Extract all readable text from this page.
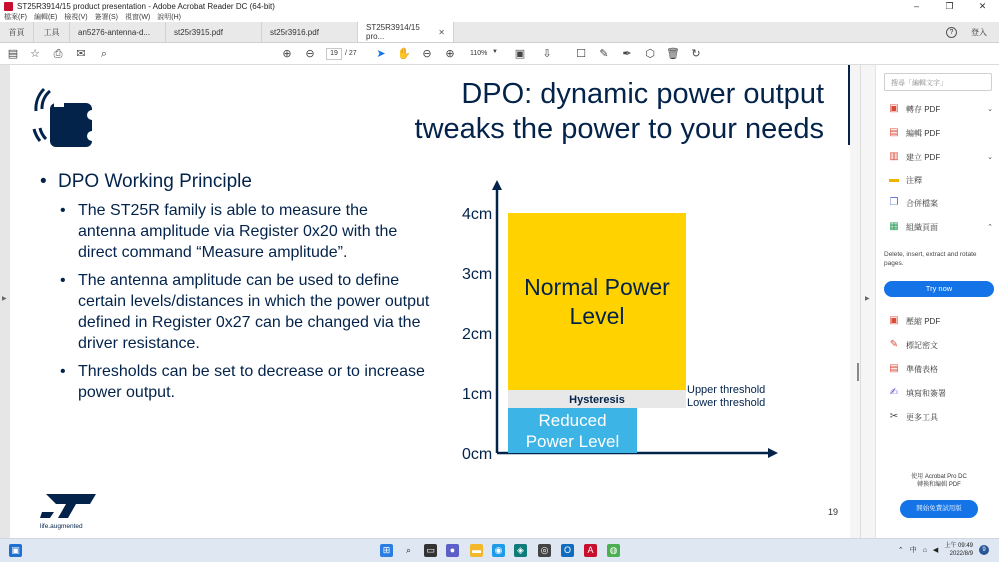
ST25R3914/15 product presentation - Adobe Acrobat Reader DC (64-bit)	–	❐	✕
檔案(F) 編輯(E) 檢視(V) 簽署(S) 視窗(W) 說明(H)
首頁	工具	an5276-antenna-d...	st25r3915.pdf	st25r3916.pdf	ST25R3914/15 pro...	✕	?	登入
▤ ☆ ⎙ ✉	⌕	⊕ ⊖	19	/ 27 ➤ ✋ ⊖ ⊕	110% ▼ ▣ ⇩ ☐ ✎ ✒ ⬡ 🗑 ↻
▶
DPO: dynamic power output
tweaks the power to your needs
• DPO Working Principle
• The ST25R family is able to measure the antenna amplitude via Register 0x20 with the direct command “Measure amplitude”.
• The antenna amplitude can be used to define certain levels/distances in which the power output defined in Register 0x27 can be changed via the driver resistance.
• Thresholds can be set to decrease or to increase power output.
4cm
3cm
2cm
1cm
0cm
Normal Power
Level
Hysteresis
Reduced
Power Level
Upper threshold
Lower threshold
life.augmented
19
▶
搜尋「編輯文字」
▣ 轉存 PDF	⌄
▤ 編輯 PDF
▥ 建立 PDF	⌄
▬ 注釋
❐ 合併檔案
▦ 組織頁面	⌃
Delete, insert, extract and rotate pages.
Try now
▣ 壓縮 PDF
✎ 標記密文
▤ 準備表格
✍ 填寫和簽署
✂ 更多工具
使用 Acrobat Pro DC
轉換和編輯 PDF
開始免費試用版
▣	⊞	⌕	▭	●	▬ ◉	◈	◎	O	A	◍	⌃ 中 ⌂ ◀
上午 09:49
2022/8/9
9
